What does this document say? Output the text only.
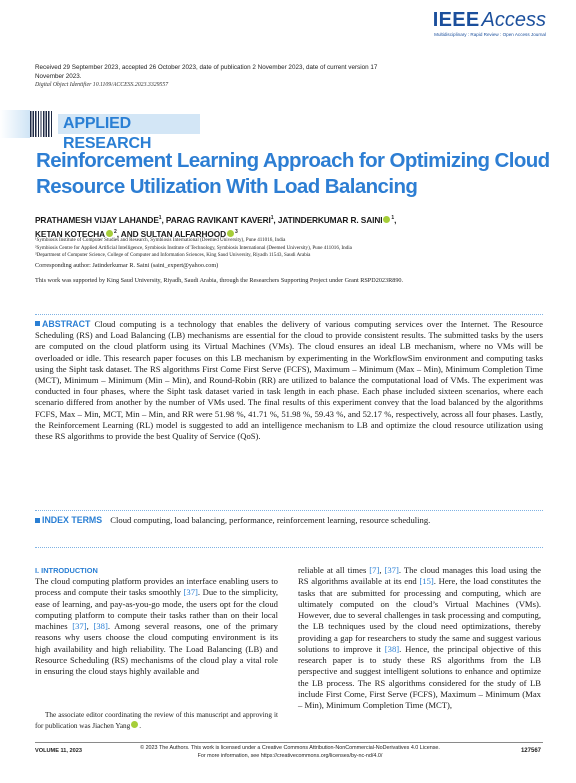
IEEE Access
Multidisciplinary : Rapid Review : Open Access Journal
Received 29 September 2023, accepted 26 October 2023, date of publication 2 November 2023, date of current version 17 November 2023.
Digital Object Identifier 10.1109/ACCESS.2023.3329557
APPLIED RESEARCH
Reinforcement Learning Approach for Optimizing Cloud Resource Utilization With Load Balancing
PRATHAMESH VIJAY LAHANDE$^1$, PARAG RAVIKANT KAVERI$^1$, JATINDERKUMAR R. SAINI $^1$,
KETAN KOTECHA $^2$, AND SULTAN ALFARHOOD $^3$
¹Symbiosis Institute of Computer Studies and Research, Symbiosis International (Deemed University), Pune 411016, India
²Symbiosis Centre for Applied Artificial Intelligence, Symbiosis Institute of Technology, Symbiosis International (Deemed University), Pune 411016, India
³Department of Computer Science, College of Computer and Information Sciences, King Saud University, Riyadh 11543, Saudi Arabia
Corresponding author: Jatinderkumar R. Saini (saini_expert@yahoo.com)
This work was supported by King Saud University, Riyadh, Saudi Arabia, through the Researchers Supporting Project under Grant RSPD2023R890.
ABSTRACT Cloud computing is a technology that enables the delivery of various computing services over the Internet. The Resource Scheduling (RS) and Load Balancing (LB) mechanisms are essential for the cloud to provide consistent results. The submitted tasks by the users are computed on the cloud platform using its Virtual Machines (VMs). The cloud ensures an ideal LB mechanism, where no VMs will be overloaded or idle. This research paper focuses on this LB mechanism by experimenting in the WorkflowSim environment and computing tasks using the Sipht task dataset. The RS algorithms First Come First Serve (FCFS), Maximum – Minimum (Max – Min), Minimum Completion Time (MCT), Minimum – Minimum (Min – Min), and Round-Robin (RR) are utilized to balance the computational load of VMs. The experiment was conducted in four phases, where the Sipht task dataset varied in task length in each phase. Each phase included sixteen scenarios, where each scenario differed from another by the number of VMs used. The final results of this experiment convey that the load balanced by the algorithms FCFS, Max – Min, MCT, Min – Min, and RR were 51.98 %, 41.71 %, 51.98 %, 59.43 %, and 52.17 %, respectively, across all four phases. Lastly, the Reinforcement Learning (RL) model is suggested to add an intelligence mechanism to LB and optimize the cloud resource utilization using these RS algorithms to provide the best Quality of Service (QoS).
INDEX TERMS Cloud computing, load balancing, performance, reinforcement learning, resource scheduling.
I. INTRODUCTION

The cloud computing platform provides an interface enabling users to process and compute their tasks smoothly [37]. Due to the simplicity, ease of learning, and pay-as-you-go mode, the users opt for the cloud computing platform to compute their tasks rather than on their local machines [37], [38]. Among several reasons, one of the primary reasons why users choose the cloud computing environment is its high availability and high reliability. The Load Balancing (LB) and Resource Scheduling (RS) mechanisms of the cloud play a vital role in ensuring the cloud stays highly available and

reliable at all times [7], [37]. The cloud manages this load using the RS algorithms available at its end [15]. Here, the load constitutes the tasks that are submitted for processing and computing, which are ultimately computed on the cloud’s Virtual Machines (VMs). However, due to several challenges in task processing and computing, the LB techniques used by the cloud need optimizations, thereby providing a gap for researchers to study the same and suggest various solutions to improve it [38]. Hence, the principal objective of this research paper is to study these RS algorithms from the LB perspective and suggest intelligent solutions to enhance and optimize the LB process. The RS algorithms considered for the study of LB include First Come, First Serve (FCFS), Maximum – Minimum (Max – Min), Minimum Completion Time (MCT),

The associate editor coordinating the review of this manuscript and approving it for publication was Jiachen Yang .
VOLUME 11, 2023	© 2023 The Authors. This work is licensed under a Creative Commons Attribution-NonCommercial-NoDerivatives 4.0 License.
For more information, see https://creativecommons.org/licenses/by-nc-nd/4.0/
127567
